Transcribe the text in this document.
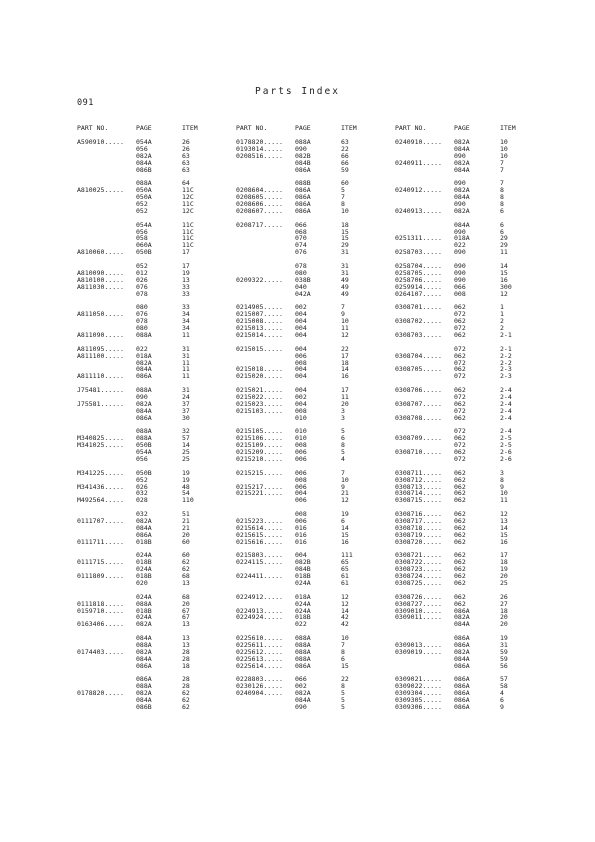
Parts Index
091
PART NO.	PAGE	ITEM
A590910..... 054A	26
056	26
082A	63
084A	63
086B	63
088A	64
A810025..... 050A	11C
050A	12C
052	11C
052	12C
054A	11C
056	11C
058	11C
060A	11C
A810060..... 050B	17
052	17
A810090..... 012	19
A810100..... 026	13
A811030..... 076	33
078	33
080	33
A811050..... 076	34
078	34
080	34
A811090..... 088A	11
A811095..... 022	31
A811100..... 018A	31
082A	11
084A	11
A811110..... 086A	11
J75481...... 088A	31
090	24
J75581...... 082A	37
084A	37
086A	30
088A	32
M340825..... 088A	57
M341025..... 050B	14
054A	25
056	25
M341225..... 050B	19
052	19
M341436..... 026	48
032	54
M492564..... 028	110
032	51
0111707..... 082A	21
084A	21
086A	20
0111711..... 018B	60
024A	60
0111715..... 018B	62
024A	62
0111809..... 018B	68
020	13
024A	68
0111818..... 088A	20
0159710..... 018B	67
024A	67
0163406..... 082A	13
084A	13
088A	13
0174403..... 082A	28
084A	28
086A	18
086A	28
088A	28
0178820..... 082A	62
084A	62
086B	62
PART NO.	PAGE	ITEM
0178820..... 088A	63
0193014..... 090	22
0208516..... 082B	66
084B	66
086A	59
088B	60
0208604..... 086A	5
0208605..... 086A	7
0208606..... 086A	8
0208607..... 086A	10
0208717..... 066	18
068	15
070	15
074	29
076	31
078	31
080	31
0209322..... 038B	49
040	49
042A	49
0214905..... 002	7
0215007..... 004	9
0215008..... 004	10
0215013..... 004	11
0215014..... 004	12
0215015..... 004	22
006	17
008	18
0215018..... 004	14
0215020..... 004	16
0215021..... 004	17
0215022..... 002	11
0215023..... 004	20
0215103..... 008	3
010	3
0215105..... 010	5
0215106..... 010	6
0215109..... 008	8
0215209..... 006	5
0215210..... 006	4
0215215..... 006	7
008	10
0215217..... 006	9
0215221..... 004	21
006	12
008	19
0215223..... 006	6
0215614..... 016	14
0215615..... 016	15
0215616..... 016	16
0215803..... 004	111
0224115..... 082B	65
084B	65
0224411..... 018B	61
024A	61
0224912..... 018A	12
024A	12
0224913..... 024A	14
0224924..... 018B	42
022	42
0225610..... 088A	10
0225611..... 088A	7
0225612..... 088A	8
0225613..... 088A	6
0225614..... 086A	15
0228803..... 066	22
0230126..... 002	8
0240904..... 082A	5
084A	5
090	5
PART NO.	PAGE	ITEM
0240910..... 082A	10
084A	10
090	10
0240911..... 082A	7
084A	7
090	7
0240912..... 082A	8
084A	8
090	8
0240913..... 082A	6
084A	6
090	6
0251311..... 018A	29
022	29
0258703..... 090	11
0258704..... 090	14
0258705..... 090	15
0258706..... 090	16
0259914..... 066	300
0264107..... 008	12
0308701..... 062	1
072	1
0308702..... 062	2
072	2
0308703..... 062	2-1
072	2-1
0308704..... 062	2-2
072	2-2
0308705..... 062	2-3
072	2-3
0308706..... 062	2-4
072	2-4
0308707..... 062	2-4
072	2-4
0308708..... 062	2-4
072	2-4
0308709..... 062	2-5
072	2-5
0308710..... 062	2-6
072	2-6
0308711..... 062	3
0308712..... 062	8
0308713..... 062	9
0308714..... 062	10
0308715..... 062	11
0308716..... 062	12
0308717..... 062	13
0308718..... 062	14
0308719..... 062	15
0308720..... 062	16
0308721..... 062	17
0308722..... 062	18
0308723..... 062	19
0308724..... 062	20
0308725..... 062	25
0308726..... 062	26
0308727..... 062	27
0309010..... 086A	18
0309011..... 082A	20
084A	20
086A	19
0309013..... 086A	31
0309019..... 082A	59
084A	59
086A	56
0309021..... 086A	57
0309022..... 086A	58
0309304..... 086A	4
0309305..... 086A	6
0309306..... 086A	9
